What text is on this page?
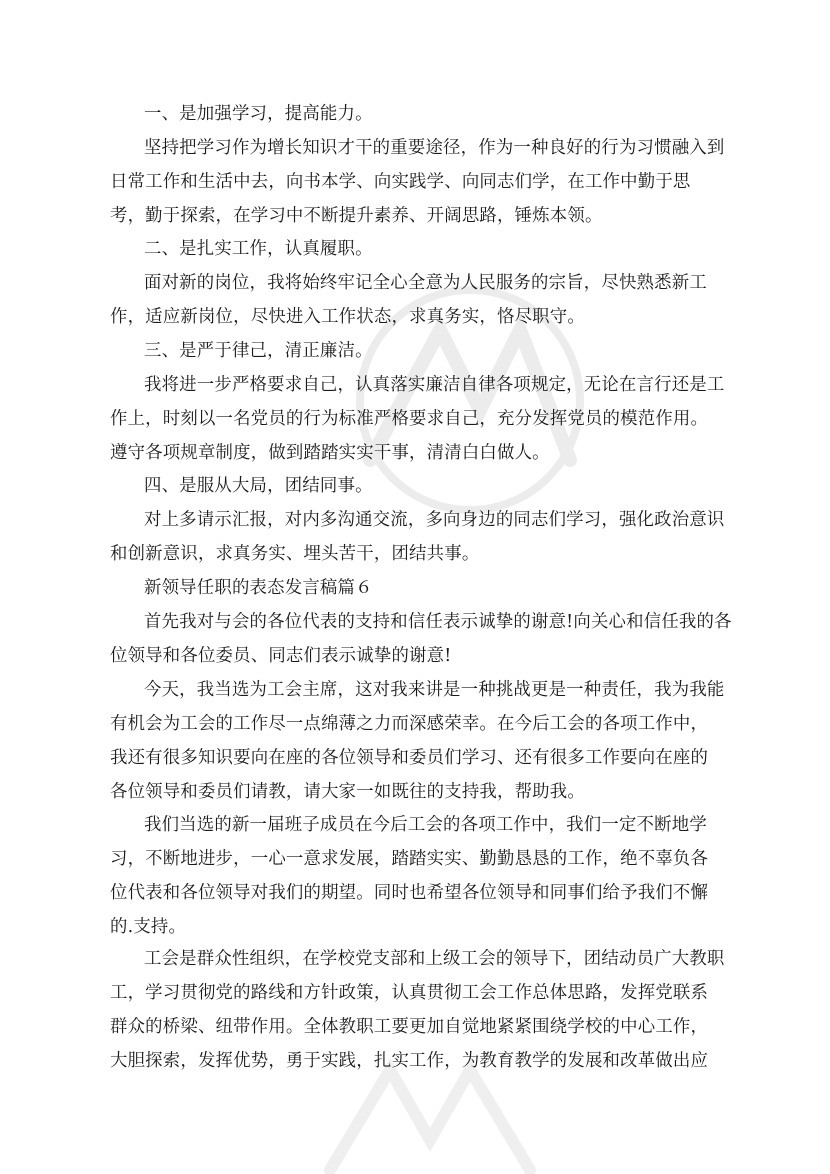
一、是加强学习，提高能力。
坚持把学习作为增长知识才干的重要途径，作为一种良好的行为习惯融入到
日常工作和生活中去，向书本学、向实践学、向同志们学，在工作中勤于思
考，勤于探索，在学习中不断提升素养、开阔思路，锤炼本领。
二、是扎实工作，认真履职。
面对新的岗位，我将始终牢记全心全意为人民服务的宗旨，尽快熟悉新工
作，适应新岗位，尽快进入工作状态，求真务实，恪尽职守。
三、是严于律己，清正廉洁。
我将进一步严格要求自己，认真落实廉洁自律各项规定，无论在言行还是工
作上，时刻以一名党员的行为标准严格要求自己，充分发挥党员的模范作用。
遵守各项规章制度，做到踏踏实实干事，清清白白做人。
四、是服从大局，团结同事。
对上多请示汇报，对内多沟通交流，多向身边的同志们学习，强化政治意识
和创新意识，求真务实、埋头苦干，团结共事。
新领导任职的表态发言稿篇６
首先我对与会的各位代表的支持和信任表示诚挚的谢意!向关心和信任我的各
位领导和各位委员、同志们表示诚挚的谢意!
今天，我当选为工会主席，这对我来讲是一种挑战更是一种责任，我为我能
有机会为工会的工作尽一点绵薄之力而深感荣幸。在今后工会的各项工作中，
我还有很多知识要向在座的各位领导和委员们学习、还有很多工作要向在座的
各位领导和委员们请教，请大家一如既往的支持我，帮助我。
我们当选的新一届班子成员在今后工会的各项工作中，我们一定不断地学
习，不断地进步，一心一意求发展，踏踏实实、勤勤恳恳的工作，绝不辜负各
位代表和各位领导对我们的期望。同时也希望各位领导和同事们给予我们不懈
的.支持。
工会是群众性组织，在学校党支部和上级工会的领导下，团结动员广大教职
工，学习贯彻党的路线和方针政策，认真贯彻工会工作总体思路，发挥党联系
群众的桥梁、纽带作用。全体教职工要更加自觉地紧紧围绕学校的中心工作，
大胆探索，发挥优势，勇于实践，扎实工作，为教育教学的发展和改革做出应
